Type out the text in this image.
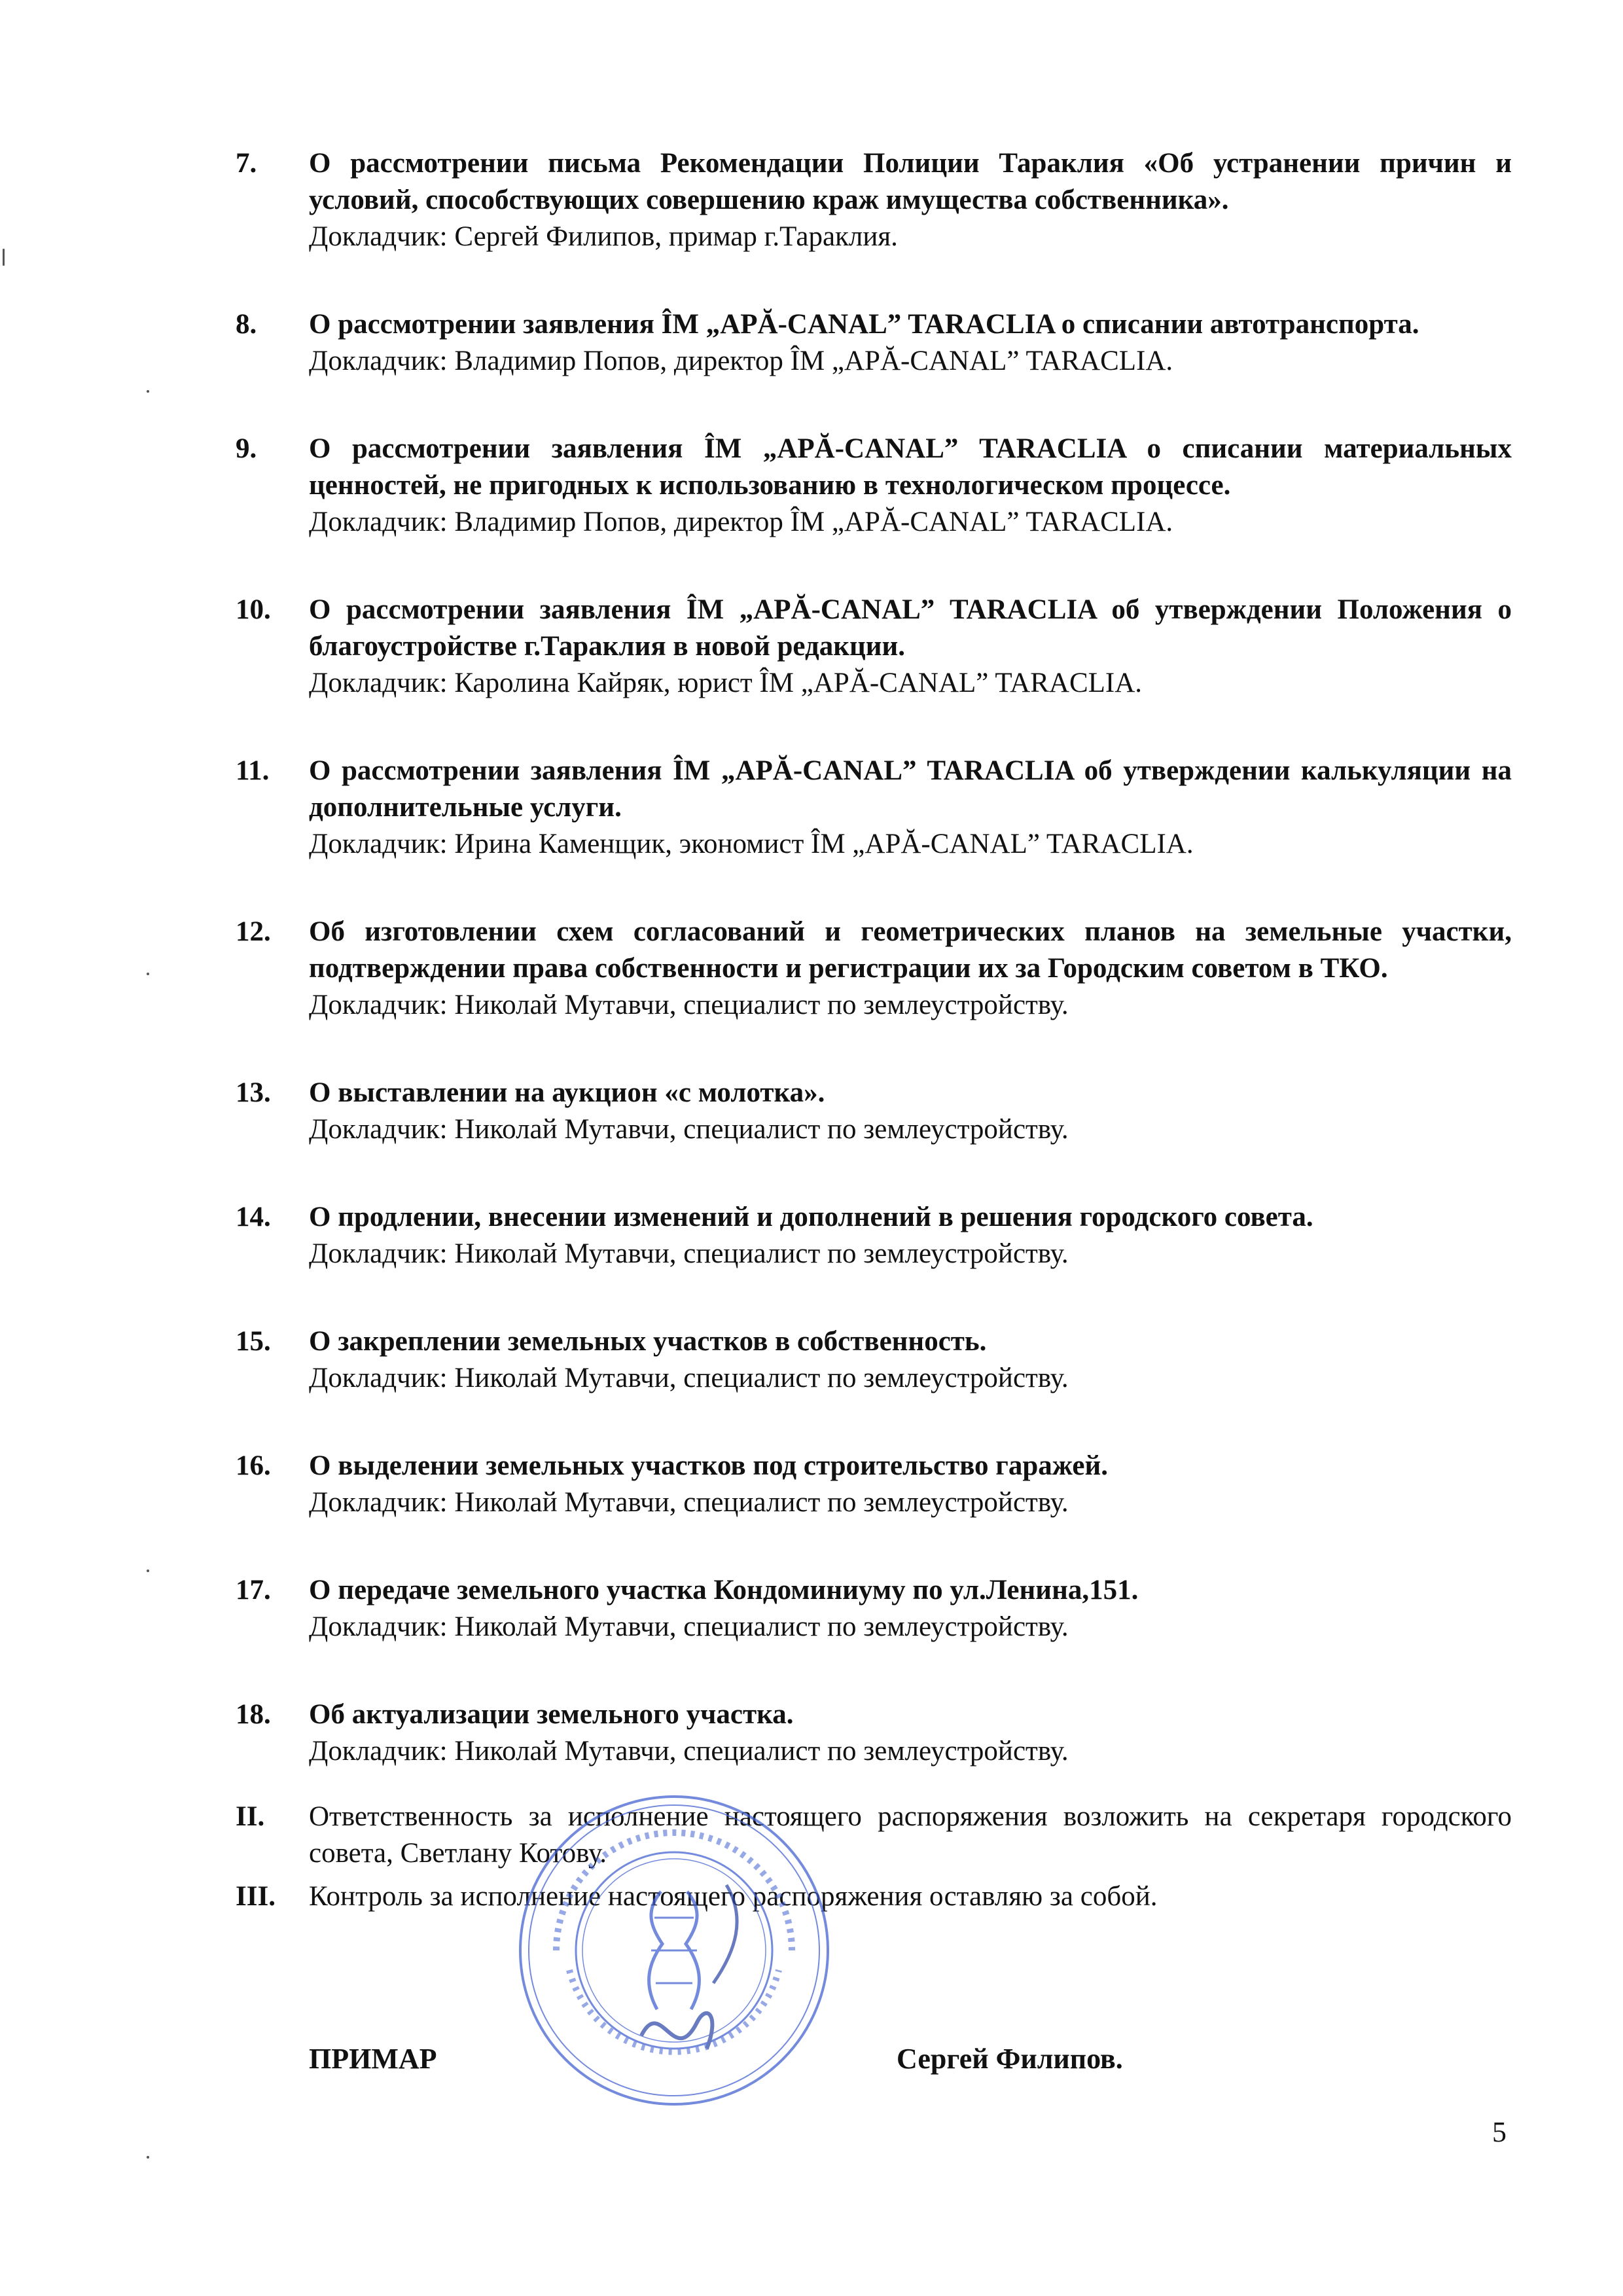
7. О рассмотрении письма Рекомендации Полиции Тараклия «Об устранении причин и условий, способствующих совершению краж имущества собственника».
Докладчик: Сергей Филипов, примар г.Тараклия.
8. О рассмотрении заявления ÎM „APĂ-CANAL” TARACLIA о списании автотранспорта.
Докладчик: Владимир Попов, директор ÎM „APĂ-CANAL” TARACLIA.
9. О рассмотрении заявления ÎM „APĂ-CANAL” TARACLIA о списании материальных ценностей, не пригодных к использованию в технологическом процессе.
Докладчик: Владимир Попов, директор ÎM „APĂ-CANAL” TARACLIA.
10. О рассмотрении заявления ÎM „APĂ-CANAL” TARACLIA об утверждении Положения о благоустройстве г.Тараклия в новой редакции.
Докладчик: Каролина Кайряк, юрист ÎM „APĂ-CANAL” TARACLIA.
11. О рассмотрении заявления ÎM „APĂ-CANAL” TARACLIA об утверждении калькуляции на дополнительные услуги.
Докладчик: Ирина Каменщик, экономист ÎM „APĂ-CANAL” TARACLIA.
12. Об изготовлении схем согласований и геометрических планов на земельные участки, подтверждении права собственности и регистрации их за Городским советом в ТКО.
Докладчик: Николай Мутавчи, специалист по землеустройству.
13. О выставлении на аукцион «с молотка».
Докладчик: Николай Мутавчи, специалист по землеустройству.
14. О продлении, внесении изменений и дополнений в решения городского совета.
Докладчик: Николай Мутавчи, специалист по землеустройству.
15. О закреплении земельных участков в собственность.
Докладчик: Николай Мутавчи, специалист по землеустройству.
16. О выделении земельных участков под строительство гаражей.
Докладчик: Николай Мутавчи, специалист по землеустройству.
17. О передаче земельного участка Кондоминиуму по ул.Ленина,151.
Докладчик: Николай Мутавчи, специалист по землеустройству.
18. Об актуализации земельного участка.
Докладчик: Николай Мутавчи, специалист по землеустройству.
II. Ответственность за исполнение настоящего распоряжения возложить на секретаря городского совета, Светлану Котову.
III. Контроль за исполнение настоящего распоряжения оставляю за собой.
ПРИМАР	Сергей Филипов.
5
